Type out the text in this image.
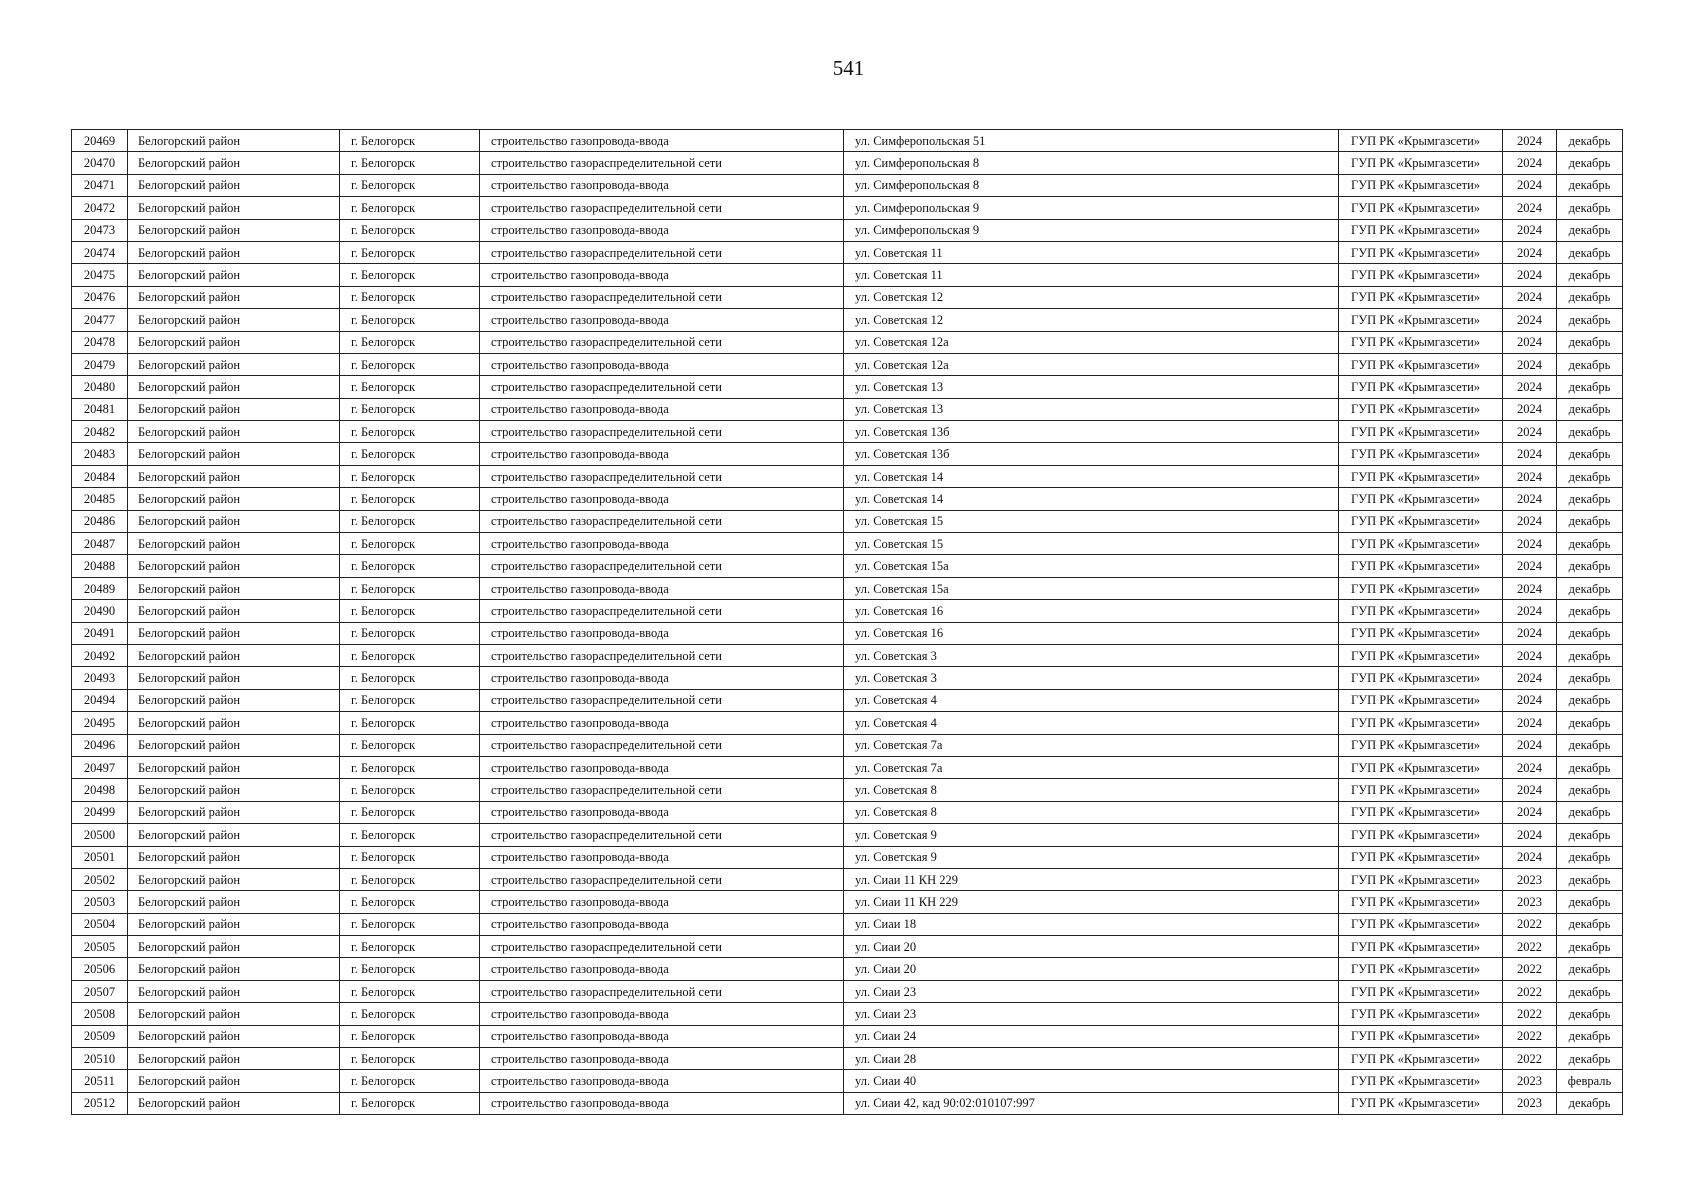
541
20469	Белогорский район	г. Белогорск	строительство газопровода-ввода	ул. Симферопольская 51	ГУП РК «Крымгазсети»	2024	декабрь
20470	Белогорский район	г. Белогорск	строительство газораспределительной сети	ул. Симферопольская 8	ГУП РК «Крымгазсети»	2024	декабрь
20471	Белогорский район	г. Белогорск	строительство газопровода-ввода	ул. Симферопольская 8	ГУП РК «Крымгазсети»	2024	декабрь
20472	Белогорский район	г. Белогорск	строительство газораспределительной сети	ул. Симферопольская 9	ГУП РК «Крымгазсети»	2024	декабрь
20473	Белогорский район	г. Белогорск	строительство газопровода-ввода	ул. Симферопольская 9	ГУП РК «Крымгазсети»	2024	декабрь
20474	Белогорский район	г. Белогорск	строительство газораспределительной сети	ул. Советская 11	ГУП РК «Крымгазсети»	2024	декабрь
20475	Белогорский район	г. Белогорск	строительство газопровода-ввода	ул. Советская 11	ГУП РК «Крымгазсети»	2024	декабрь
20476	Белогорский район	г. Белогорск	строительство газораспределительной сети	ул. Советская 12	ГУП РК «Крымгазсети»	2024	декабрь
20477	Белогорский район	г. Белогорск	строительство газопровода-ввода	ул. Советская 12	ГУП РК «Крымгазсети»	2024	декабрь
20478	Белогорский район	г. Белогорск	строительство газораспределительной сети	ул. Советская 12а	ГУП РК «Крымгазсети»	2024	декабрь
20479	Белогорский район	г. Белогорск	строительство газопровода-ввода	ул. Советская 12а	ГУП РК «Крымгазсети»	2024	декабрь
20480	Белогорский район	г. Белогорск	строительство газораспределительной сети	ул. Советская 13	ГУП РК «Крымгазсети»	2024	декабрь
20481	Белогорский район	г. Белогорск	строительство газопровода-ввода	ул. Советская 13	ГУП РК «Крымгазсети»	2024	декабрь
20482	Белогорский район	г. Белогорск	строительство газораспределительной сети	ул. Советская 13б	ГУП РК «Крымгазсети»	2024	декабрь
20483	Белогорский район	г. Белогорск	строительство газопровода-ввода	ул. Советская 13б	ГУП РК «Крымгазсети»	2024	декабрь
20484	Белогорский район	г. Белогорск	строительство газораспределительной сети	ул. Советская 14	ГУП РК «Крымгазсети»	2024	декабрь
20485	Белогорский район	г. Белогорск	строительство газопровода-ввода	ул. Советская 14	ГУП РК «Крымгазсети»	2024	декабрь
20486	Белогорский район	г. Белогорск	строительство газораспределительной сети	ул. Советская 15	ГУП РК «Крымгазсети»	2024	декабрь
20487	Белогорский район	г. Белогорск	строительство газопровода-ввода	ул. Советская 15	ГУП РК «Крымгазсети»	2024	декабрь
20488	Белогорский район	г. Белогорск	строительство газораспределительной сети	ул. Советская 15а	ГУП РК «Крымгазсети»	2024	декабрь
20489	Белогорский район	г. Белогорск	строительство газопровода-ввода	ул. Советская 15а	ГУП РК «Крымгазсети»	2024	декабрь
20490	Белогорский район	г. Белогорск	строительство газораспределительной сети	ул. Советская 16	ГУП РК «Крымгазсети»	2024	декабрь
20491	Белогорский район	г. Белогорск	строительство газопровода-ввода	ул. Советская 16	ГУП РК «Крымгазсети»	2024	декабрь
20492	Белогорский район	г. Белогорск	строительство газораспределительной сети	ул. Советская 3	ГУП РК «Крымгазсети»	2024	декабрь
20493	Белогорский район	г. Белогорск	строительство газопровода-ввода	ул. Советская 3	ГУП РК «Крымгазсети»	2024	декабрь
20494	Белогорский район	г. Белогорск	строительство газораспределительной сети	ул. Советская 4	ГУП РК «Крымгазсети»	2024	декабрь
20495	Белогорский район	г. Белогорск	строительство газопровода-ввода	ул. Советская 4	ГУП РК «Крымгазсети»	2024	декабрь
20496	Белогорский район	г. Белогорск	строительство газораспределительной сети	ул. Советская 7а	ГУП РК «Крымгазсети»	2024	декабрь
20497	Белогорский район	г. Белогорск	строительство газопровода-ввода	ул. Советская 7а	ГУП РК «Крымгазсети»	2024	декабрь
20498	Белогорский район	г. Белогорск	строительство газораспределительной сети	ул. Советская 8	ГУП РК «Крымгазсети»	2024	декабрь
20499	Белогорский район	г. Белогорск	строительство газопровода-ввода	ул. Советская 8	ГУП РК «Крымгазсети»	2024	декабрь
20500	Белогорский район	г. Белогорск	строительство газораспределительной сети	ул. Советская 9	ГУП РК «Крымгазсети»	2024	декабрь
20501	Белогорский район	г. Белогорск	строительство газопровода-ввода	ул. Советская 9	ГУП РК «Крымгазсети»	2024	декабрь
20502	Белогорский район	г. Белогорск	строительство газораспределительной сети	ул. Сиаи 11 КН 229	ГУП РК «Крымгазсети»	2023	декабрь
20503	Белогорский район	г. Белогорск	строительство газопровода-ввода	ул. Сиаи 11 КН 229	ГУП РК «Крымгазсети»	2023	декабрь
20504	Белогорский район	г. Белогорск	строительство газопровода-ввода	ул. Сиаи 18	ГУП РК «Крымгазсети»	2022	декабрь
20505	Белогорский район	г. Белогорск	строительство газораспределительной сети	ул. Сиаи 20	ГУП РК «Крымгазсети»	2022	декабрь
20506	Белогорский район	г. Белогорск	строительство газопровода-ввода	ул. Сиаи 20	ГУП РК «Крымгазсети»	2022	декабрь
20507	Белогорский район	г. Белогорск	строительство газораспределительной сети	ул. Сиаи 23	ГУП РК «Крымгазсети»	2022	декабрь
20508	Белогорский район	г. Белогорск	строительство газопровода-ввода	ул. Сиаи 23	ГУП РК «Крымгазсети»	2022	декабрь
20509	Белогорский район	г. Белогорск	строительство газопровода-ввода	ул. Сиаи 24	ГУП РК «Крымгазсети»	2022	декабрь
20510	Белогорский район	г. Белогорск	строительство газопровода-ввода	ул. Сиаи 28	ГУП РК «Крымгазсети»	2022	декабрь
20511	Белогорский район	г. Белогорск	строительство газопровода-ввода	ул. Сиаи 40	ГУП РК «Крымгазсети»	2023	февраль
20512	Белогорский район	г. Белогорск	строительство газопровода-ввода	ул. Сиаи 42, кад 90:02:010107:997	ГУП РК «Крымгазсети»	2023	декабрь
